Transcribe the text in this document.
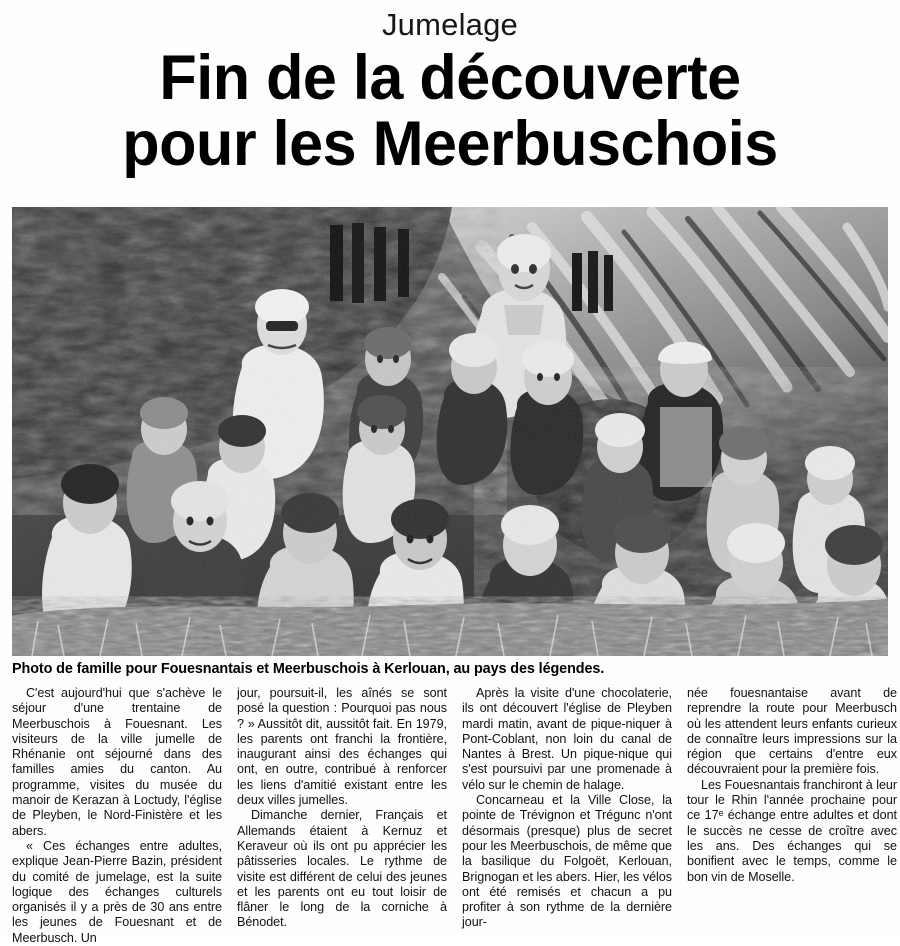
Jumelage
Fin de la découverte
pour les Meerbuschois
Photo de famille pour Fouesnantais et Meerbuschois à Kerlouan, au pays des légendes.

C'est aujourd'hui que s'achève le séjour d'une trentaine de Meerbuschois à Fouesnant. Les visiteurs de la ville jumelle de Rhénanie ont séjourné dans des familles amies du canton. Au programme, visites du musée du manoir de Kerazan à Loctudy, l'église de Pleyben, le Nord-Finistère et les abers.

« Ces échanges entre adultes, explique Jean-Pierre Bazin, président du comité de jumelage, est la suite logique des échanges culturels organisés il y a près de 30 ans entre les jeunes de Fouesnant et de Meerbusch. Un

jour, poursuit-il, les aînés se sont posé la question : Pourquoi pas nous ? » Aussitôt dit, aussitôt fait. En 1979, les parents ont franchi la frontière, inaugurant ainsi des échanges qui ont, en outre, contribué à renforcer les liens d'amitié existant entre les deux villes jumelles.

Dimanche dernier, Français et Allemands étaient à Kernuz et Keraveur où ils ont pu apprécier les pâtisseries locales. Le rythme de visite est différent de celui des jeunes et les parents ont eu tout loisir de flâner le long de la corniche à Bénodet.

Après la visite d'une chocolaterie, ils ont découvert l'église de Pleyben mardi matin, avant de pique-niquer à Pont-Coblant, non loin du canal de Nantes à Brest. Un pique-nique qui s'est poursuivi par une promenade à vélo sur le chemin de halage.

Concarneau et la Ville Close, la pointe de Trévignon et Trégunc n'ont désormais (presque) plus de secret pour les Meerbuschois, de même que la basilique du Folgoët, Kerlouan, Brignogan et les abers. Hier, les vélos ont été remisés et chacun a pu profiter à son rythme de la dernière jour-

née fouesnantaise avant de reprendre la route pour Meerbusch où les attendent leurs enfants curieux de connaître leurs impressions sur la région que certains d'entre eux découvraient pour la première fois.

Les Fouesnantais franchiront à leur tour le Rhin l'année prochaine pour ce 17ᵉ échange entre adultes et dont le succès ne cesse de croître avec les ans. Des échanges qui se bonifient avec le temps, comme le bon vin de Moselle.
